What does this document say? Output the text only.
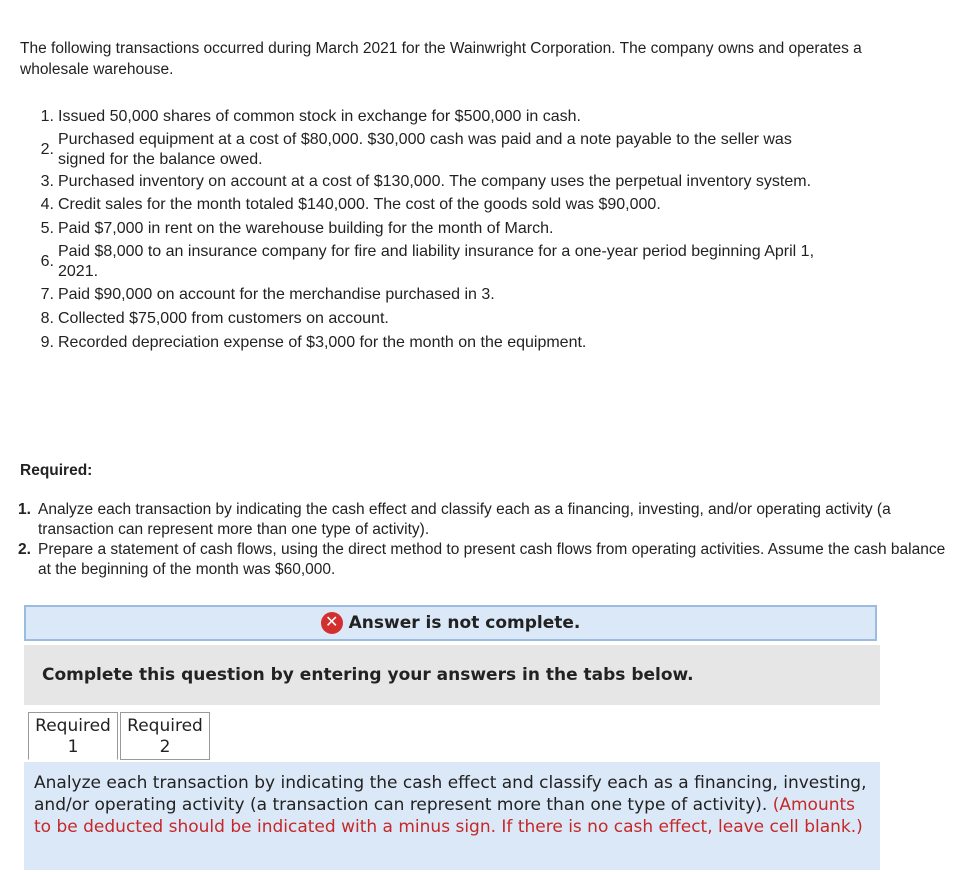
The following transactions occurred during March 2021 for the Wainwright Corporation. The company owns and operates a wholesale warehouse.
1. Issued 50,000 shares of common stock in exchange for $500,000 in cash.
2.
Purchased equipment at a cost of $80,000. $30,000 cash was paid and a note payable to the seller was signed for the balance owed.
3. Purchased inventory on account at a cost of $130,000. The company uses the perpetual inventory system.
4. Credit sales for the month totaled $140,000. The cost of the goods sold was $90,000.
5. Paid $7,000 in rent on the warehouse building for the month of March.
6.
Paid $8,000 to an insurance company for fire and liability insurance for a one-year period beginning April 1, 2021.
7. Paid $90,000 on account for the merchandise purchased in 3.
8. Collected $75,000 from customers on account.
9. Recorded depreciation expense of $3,000 for the month on the equipment.
Required:
1. Analyze each transaction by indicating the cash effect and classify each as a financing, investing, and/or operating activity (a transaction can represent more than one type of activity).
2. Prepare a statement of cash flows, using the direct method to present cash flows from operating activities. Assume the cash balance at the beginning of the month was $60,000.
✕ Answer is not complete.
Complete this question by entering your answers in the tabs below.
Required
1
Required
2
Analyze each transaction by indicating the cash effect and classify each as a financing, investing, and/or operating activity (a transaction can represent more than one type of activity). (Amounts to be deducted should be indicated with a minus sign. If there is no cash effect, leave cell blank.)
